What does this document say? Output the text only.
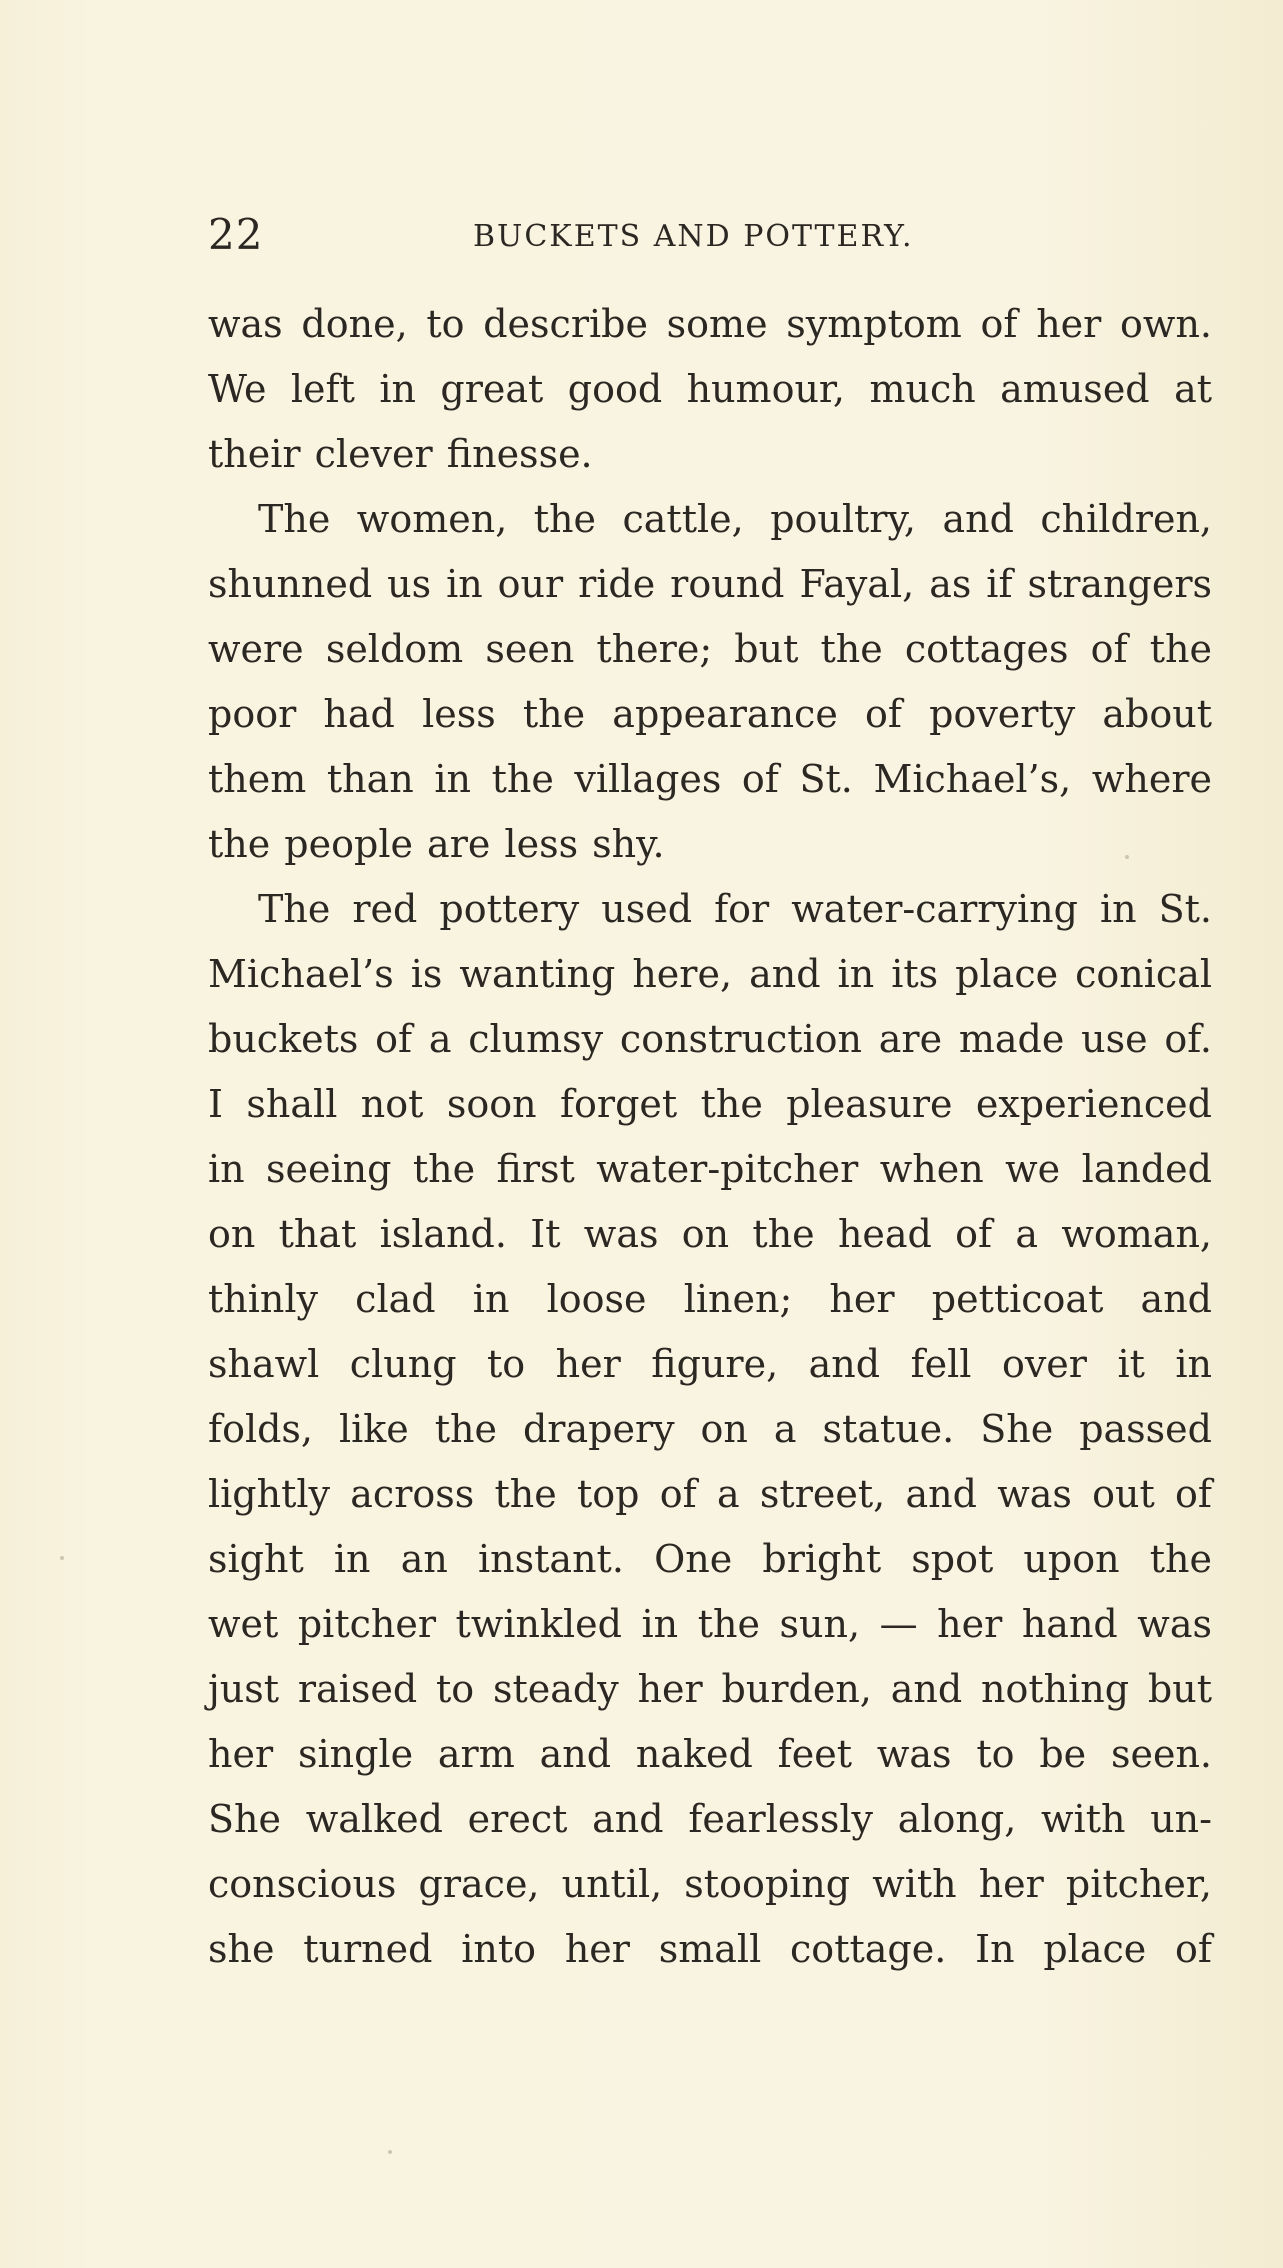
22	BUCKETS AND POTTERY.
was done, to describe some symptom of her own.
We left in great good humour, much amused at
their clever finesse.
The women, the cattle, poultry, and children,
shunned us in our ride round Fayal, as if strangers
were seldom seen there; but the cottages of the
poor had less the appearance of poverty about
them than in the villages of St. Michael’s, where
the people are less shy.
The red pottery used for water-carrying in St.
Michael’s is wanting here, and in its place conical
buckets of a clumsy construction are made use of.
I shall not soon forget the pleasure experienced
in seeing the first water-pitcher when we landed
on that island. It was on the head of a woman,
thinly clad in loose linen; her petticoat and
shawl clung to her figure, and fell over it in
folds, like the drapery on a statue. She passed
lightly across the top of a street, and was out of
sight in an instant. One bright spot upon the
wet pitcher twinkled in the sun, — her hand was
just raised to steady her burden, and nothing but
her single arm and naked feet was to be seen.
She walked erect and fearlessly along, with un-
conscious grace, until, stooping with her pitcher,
she turned into her small cottage. In place of
